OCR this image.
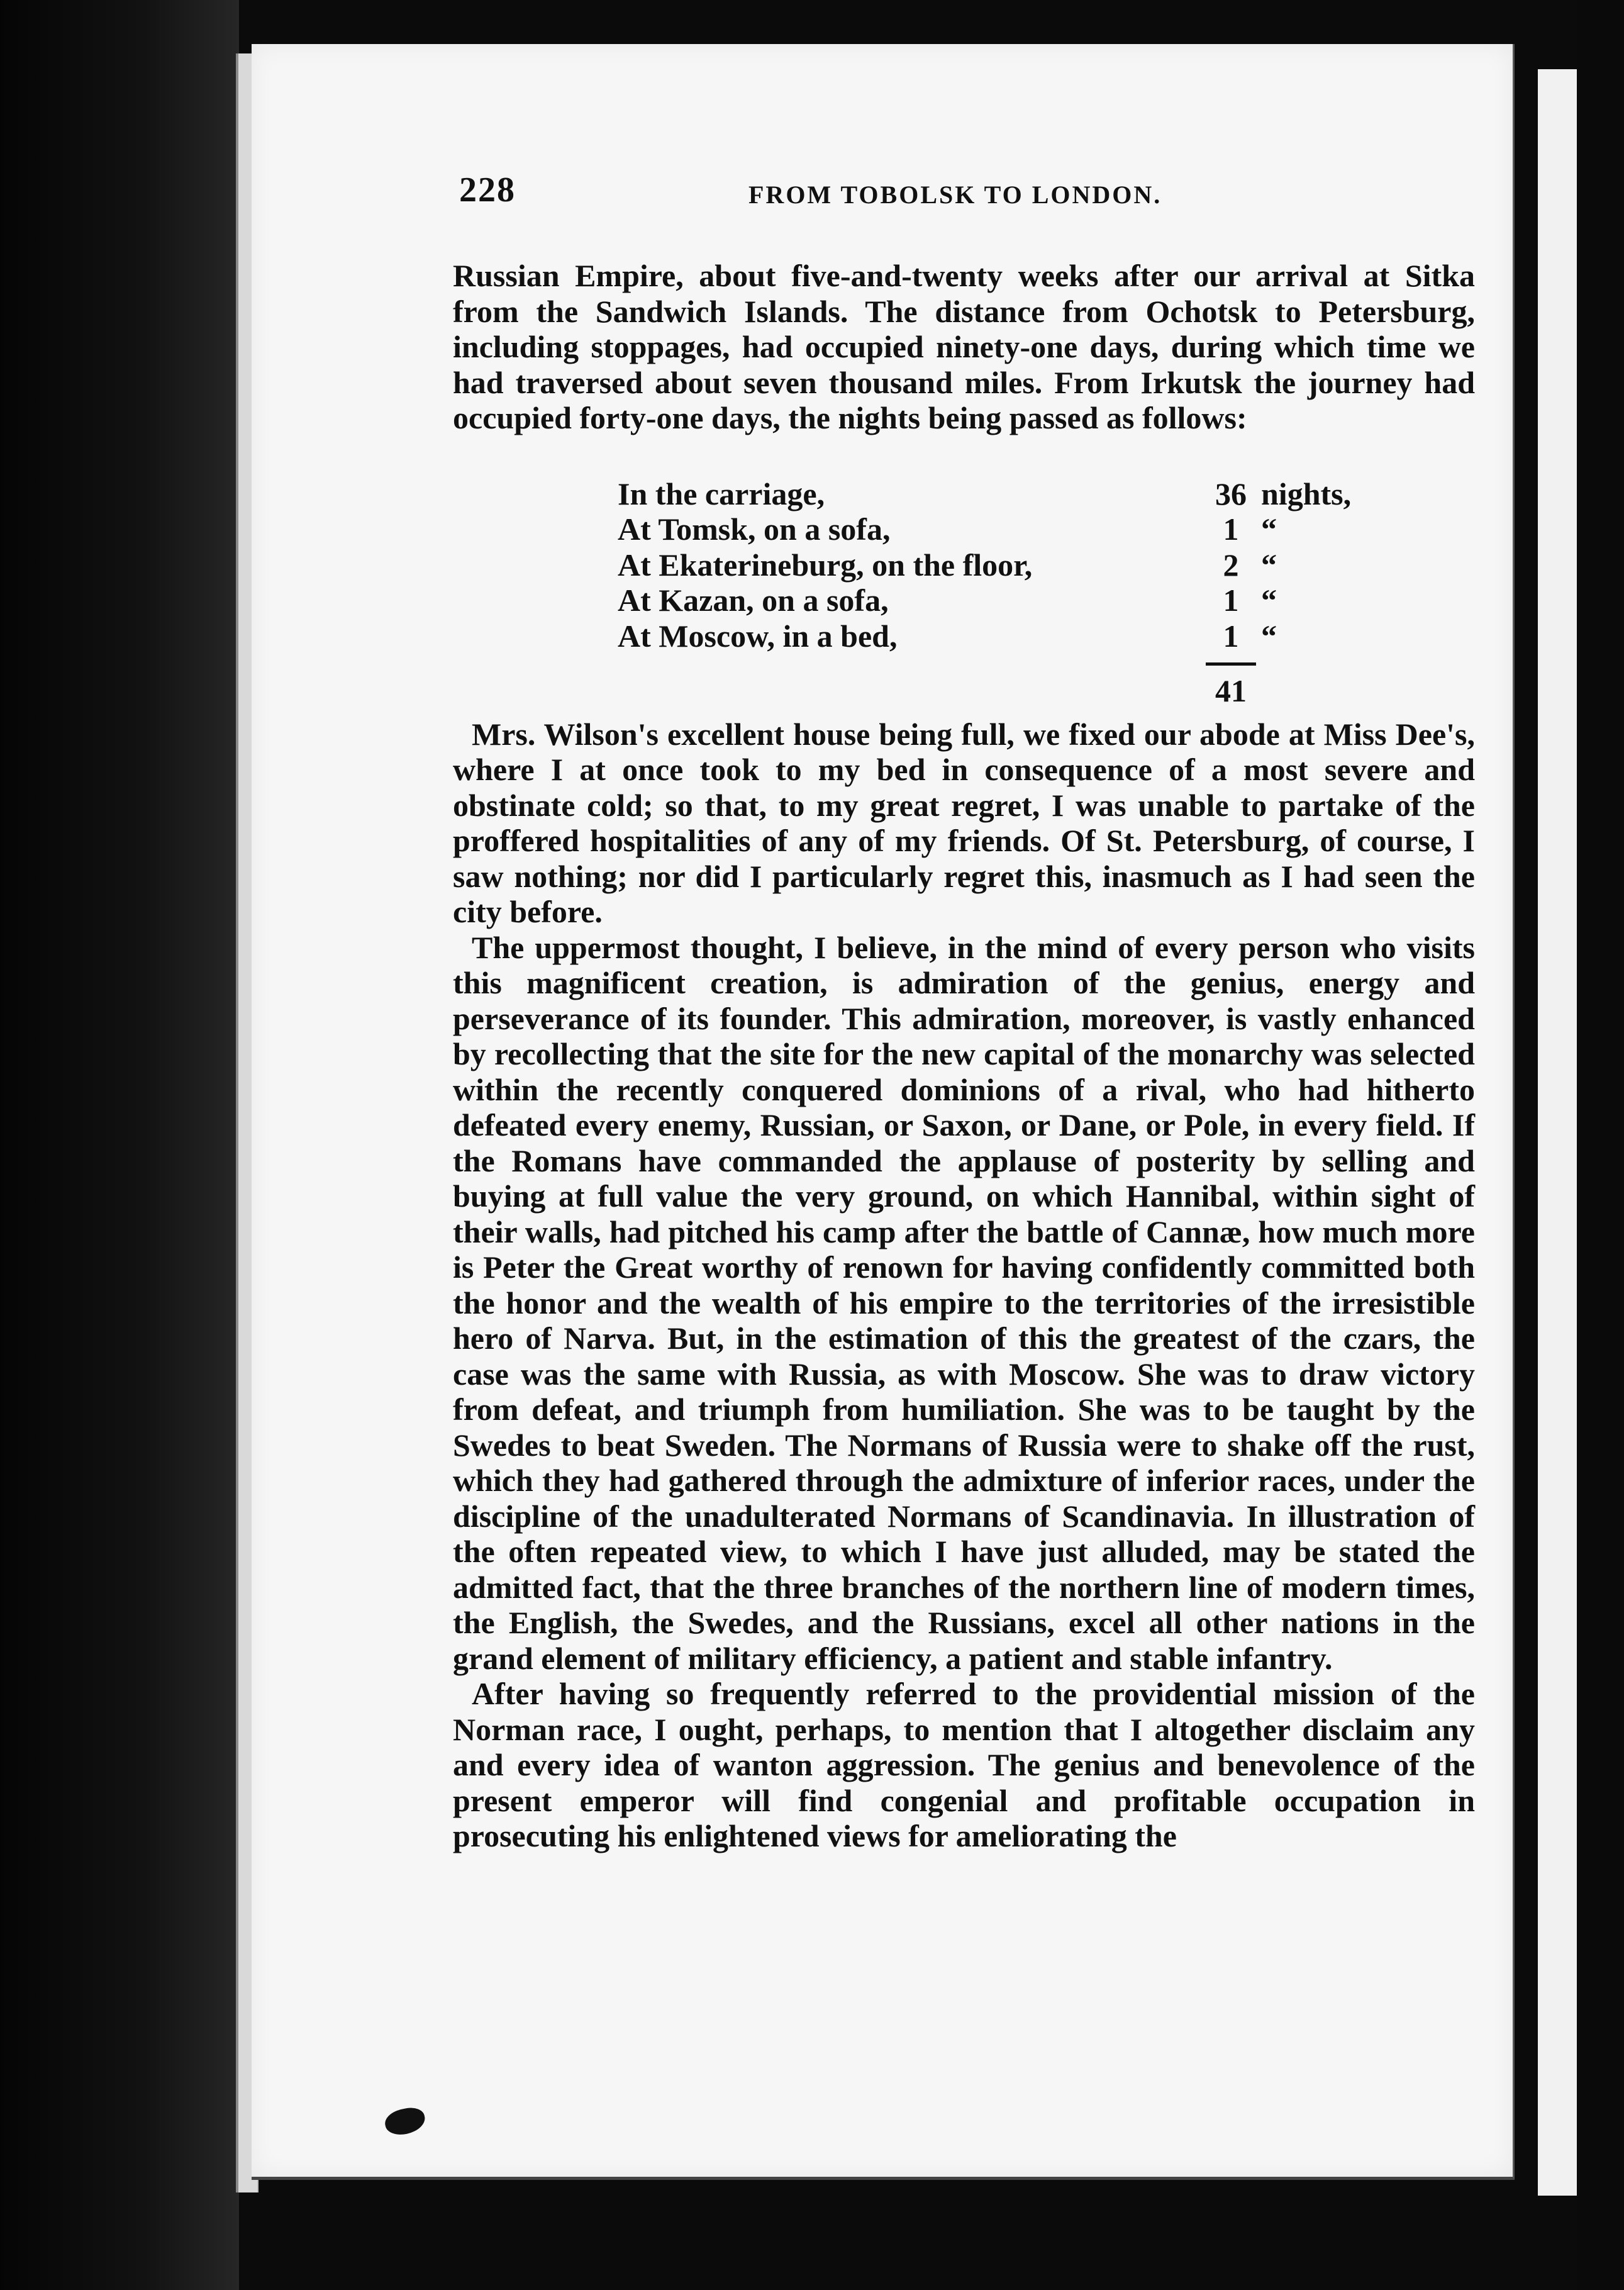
228	FROM TOBOLSK TO LONDON.

Russian Empire, about five-and-twenty weeks after our arrival at Sitka from the Sandwich Islands. The distance from Ochotsk to Petersburg, including stoppages, had occupied ninety-one days, during which time we had traversed about seven thousand miles. From Irkutsk the journey had occupied forty-one days, the nights being passed as follows:

In the carriage,	36 nights,
At Tomsk, on a sofa,	1 “
At Ekaterineburg, on the floor,	2 “
At Kazan, on a sofa,	1 “
At Moscow, in a bed,	1 “
41

Mrs. Wilson's excellent house being full, we fixed our abode at Miss Dee's, where I at once took to my bed in consequence of a most severe and obstinate cold; so that, to my great regret, I was unable to partake of the proffered hospitalities of any of my friends. Of St. Petersburg, of course, I saw nothing; nor did I particularly regret this, inasmuch as I had seen the city before.

The uppermost thought, I believe, in the mind of every person who visits this magnificent creation, is admiration of the genius, energy and perseverance of its founder. This admiration, moreover, is vastly enhanced by recollecting that the site for the new capital of the monarchy was selected within the recently conquered dominions of a rival, who had hitherto defeated every enemy, Russian, or Saxon, or Dane, or Pole, in every field. If the Romans have commanded the applause of posterity by selling and buying at full value the very ground, on which Hannibal, within sight of their walls, had pitched his camp after the battle of Cannæ, how much more is Peter the Great worthy of renown for having confidently committed both the honor and the wealth of his empire to the territories of the irresistible hero of Narva. But, in the estimation of this the greatest of the czars, the case was the same with Russia, as with Moscow. She was to draw victory from defeat, and triumph from humiliation. She was to be taught by the Swedes to beat Sweden. The Normans of Russia were to shake off the rust, which they had gathered through the admixture of inferior races, under the discipline of the unadulterated Normans of Scandinavia. In illustration of the often repeated view, to which I have just alluded, may be stated the admitted fact, that the three branches of the northern line of modern times, the English, the Swedes, and the Russians, excel all other nations in the grand element of military efficiency, a patient and stable infantry.

After having so frequently referred to the providential mission of the Norman race, I ought, perhaps, to mention that I altogether disclaim any and every idea of wanton aggression. The genius and benevolence of the present emperor will find congenial and profitable occupation in prosecuting his enlightened views for ameliorating the
